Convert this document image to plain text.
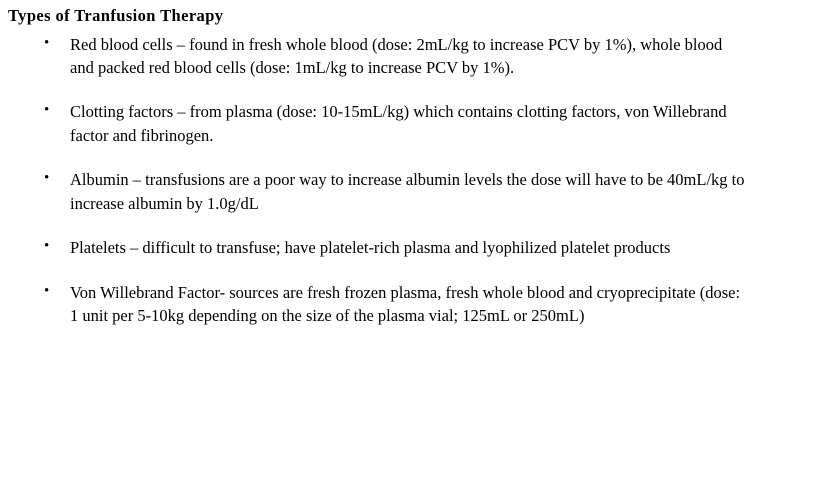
Types of Tranfusion Therapy
• Red blood cells – found in fresh whole blood (dose: 2mL/kg to increase PCV by 1%), whole blood and packed red blood cells (dose: 1mL/kg to increase PCV by 1%).
• Clotting factors – from plasma (dose: 10-15mL/kg) which contains clotting factors, von Willebrand factor and fibrinogen.
• Albumin – transfusions are a poor way to increase albumin levels the dose will have to be 40mL/kg to increase albumin by 1.0g/dL
• Platelets – difficult to transfuse; have platelet-rich plasma and lyophilized platelet products
• Von Willebrand Factor- sources are fresh frozen plasma, fresh whole blood and cryoprecipitate (dose: 1 unit per 5-10kg depending on the size of the plasma vial; 125mL or 250mL)
